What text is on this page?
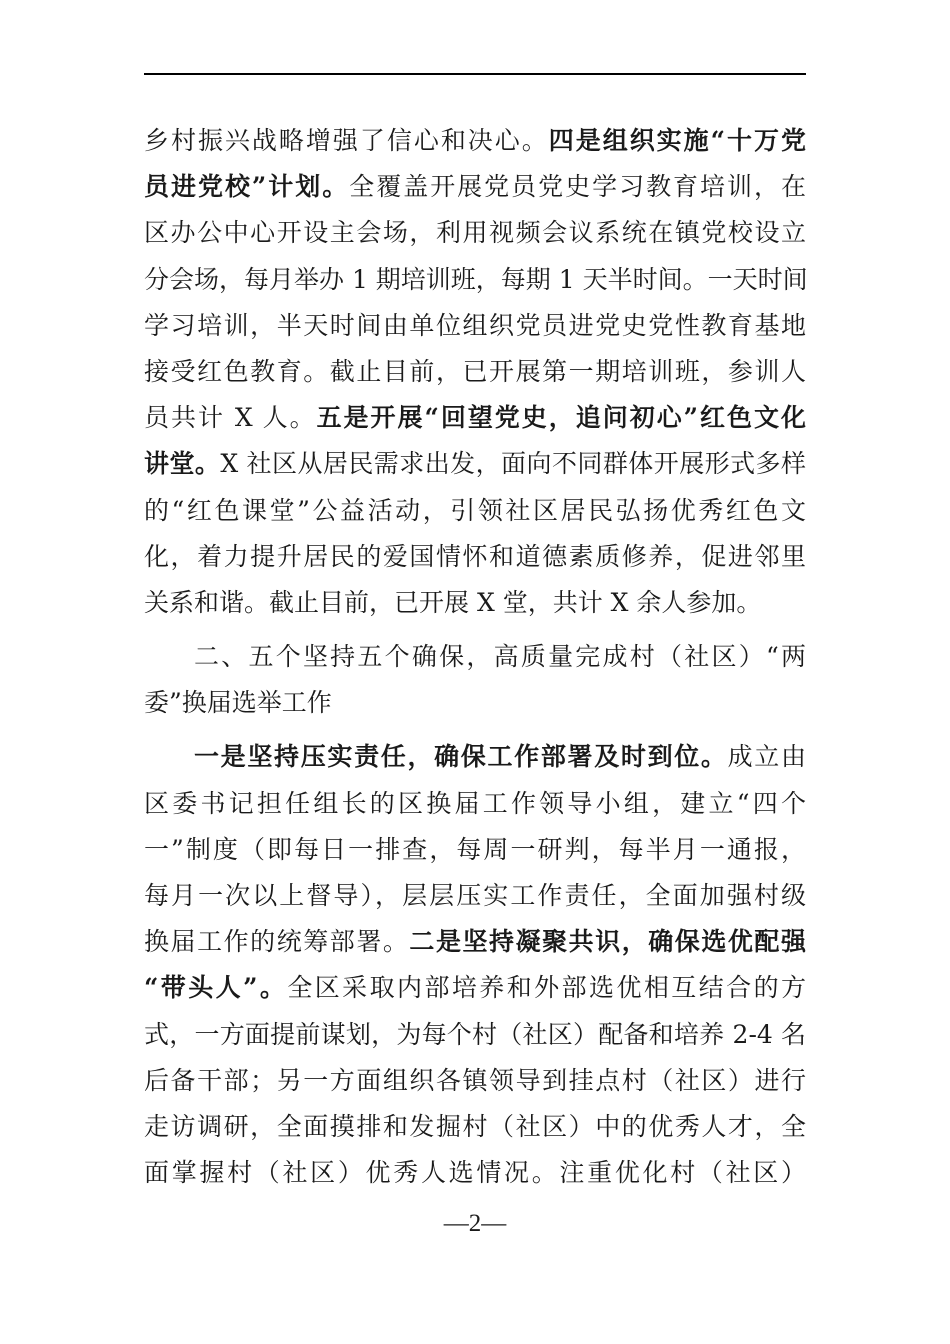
乡村振兴战略增强了信心和决心。四是组织实施“十万党
员进党校”计划。全覆盖开展党员党史学习教育培训，在
区办公中心开设主会场，利用视频会议系统在镇党校设立
分会场，每月举办 1 期培训班，每期 1 天半时间。一天时间
学习培训，半天时间由单位组织党员进党史党性教育基地
接受红色教育。截止目前，已开展第一期培训班，参训人
员共计 X 人。五是开展“回望党史，追问初心”红色文化
讲堂。X 社区从居民需求出发，面向不同群体开展形式多样
的“红色课堂”公益活动，引领社区居民弘扬优秀红色文
化，着力提升居民的爱国情怀和道德素质修养，促进邻里
关系和谐。截止目前，已开展 X 堂，共计 X 余人参加。
二、五个坚持五个确保，高质量完成村（社区）“两
委”换届选举工作
一是坚持压实责任，确保工作部署及时到位。成立由
区委书记担任组长的区换届工作领导小组，建立“四个
一”制度（即每日一排查，每周一研判，每半月一通报，
每月一次以上督导），层层压实工作责任，全面加强村级
换届工作的统筹部署。二是坚持凝聚共识，确保选优配强
“带头人”。全区采取内部培养和外部选优相互结合的方
式，一方面提前谋划，为每个村（社区）配备和培养 2-4 名
后备干部；另一方面组织各镇领导到挂点村（社区）进行
走访调研，全面摸排和发掘村（社区）中的优秀人才，全
面掌握村（社区）优秀人选情况。注重优化村（社区）
—2—
